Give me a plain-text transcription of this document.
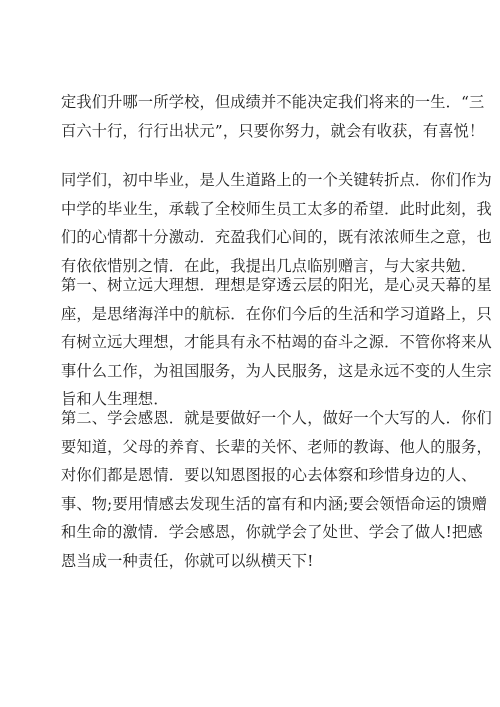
定我们升哪一所学校，但成绩并不能决定我们将来的一生．“三
百六十行，行行出状元”，只要你努力，就会有收获，有喜悦！

同学们，初中毕业，是人生道路上的一个关键转折点．你们作为
中学的毕业生，承载了全校师生员工太多的希望．此时此刻，我
们的心情都十分激动．充盈我们心间的，既有浓浓师生之意，也
有依依惜别之情．在此，我提出几点临别赠言，与大家共勉．

第一、树立远大理想．理想是穿透云层的阳光，是心灵天幕的星
座，是思绪海洋中的航标．在你们今后的生活和学习道路上，只
有树立远大理想，才能具有永不枯竭的奋斗之源．不管你将来从
事什么工作，为祖国服务，为人民服务，这是永远不变的人生宗
旨和人生理想．

第二、学会感恩．就是要做好一个人，做好一个大写的人．你们
要知道，父母的养育、长辈的关怀、老师的教诲、他人的服务，
对你们都是恩情．要以知恩图报的心去体察和珍惜身边的人、
事、物;要用情感去发现生活的富有和内涵;要会领悟命运的馈赠
和生命的激情．学会感恩，你就学会了处世、学会了做人!把感
恩当成一种责任，你就可以纵横天下!
